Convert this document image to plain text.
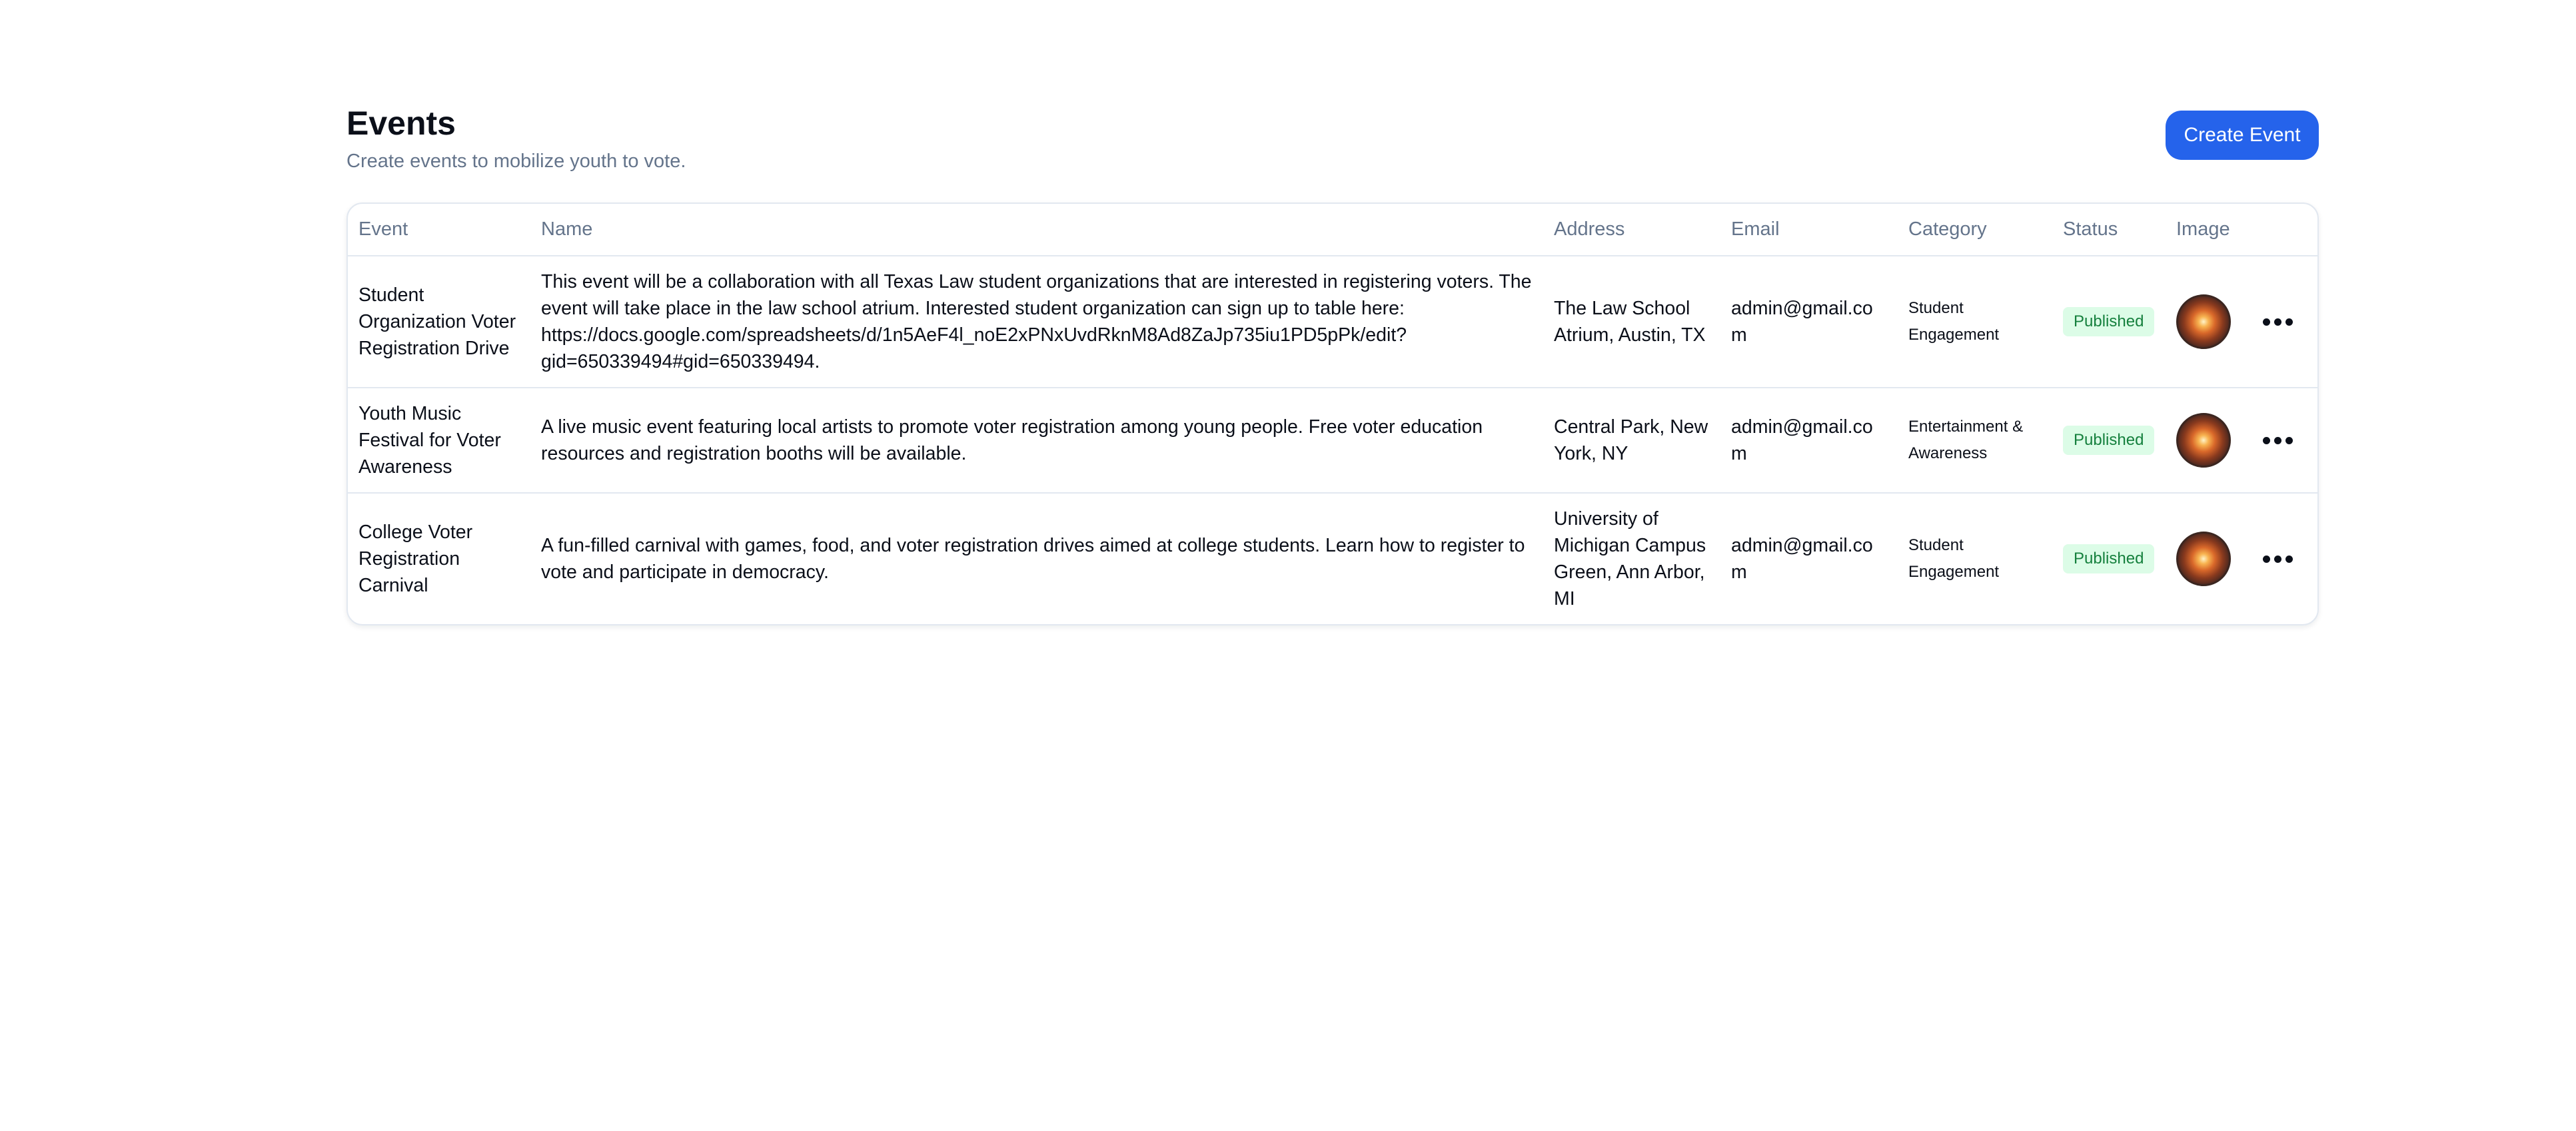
Events

Create events to mobilize youth to vote.

Create Event
Event	Name	Address	Email	Category	Status	Image	
Student Organization Voter Registration Drive	This event will be a collaboration with all Texas Law student organizations that are interested in registering voters. The event will take place in the law school atrium. Interested student organization can sign up to table here: https://docs.google.com/spreadsheets/d/1n5AeF4l_noE2xPNxUvdRknM8Ad8ZaJp735iu1PD5pPk/edit?gid=650339494#gid=650339494.	The Law School Atrium, Austin, TX	admin@gmail.com	Student Engagement	Published	

Youth Music Festival for Voter Awareness	A live music event featuring local artists to promote voter registration among young people. Free voter education resources and registration booths will be available.	Central Park, New York, NY	admin@gmail.com	Entertainment & Awareness	Published	

College Voter Registration Carnival	A fun-filled carnival with games, food, and voter registration drives aimed at college students. Learn how to register to vote and participate in democracy.	University of Michigan Campus Green, Ann Arbor, MI	admin@gmail.com	Student Engagement	Published	
